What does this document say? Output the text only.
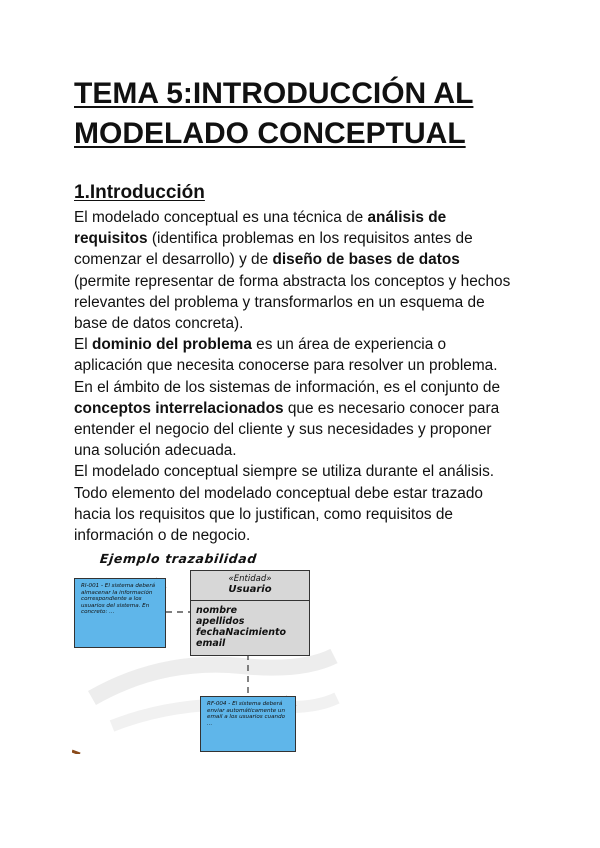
TEMA 5:INTRODUCCIÓN AL MODELADO CONCEPTUAL
1.Introducción

El modelado conceptual es una técnica de análisis de requisitos (identifica problemas en los requisitos antes de comenzar el desarrollo) y de diseño de bases de datos (permite representar de forma abstracta los conceptos y hechos relevantes del problema y transformarlos en un esquema de base de datos concreta).

El dominio del problema es un área de experiencia o aplicación que necesita conocerse para resolver un problema. En el ámbito de los sistemas de información, es el conjunto de conceptos interrelacionados que es necesario conocer para entender el negocio del cliente y sus necesidades y proponer una solución adecuada.

El modelado conceptual siempre se utiliza durante el análisis.

Todo elemento del modelado conceptual debe estar trazado hacia los requisitos que lo justifican, como requisitos de información o de negocio.

Ejemplo trazabilidad
«Entidad»
Usuario
nombre
apellidos
fechaNacimiento
email
RI-001 - El sistema deberá almacenar la información correspondiente a los usuarios del sistema. En concreto: ...
RF-004 - El sistema deberá enviar automáticamente un email a los usuarios cuando ...
